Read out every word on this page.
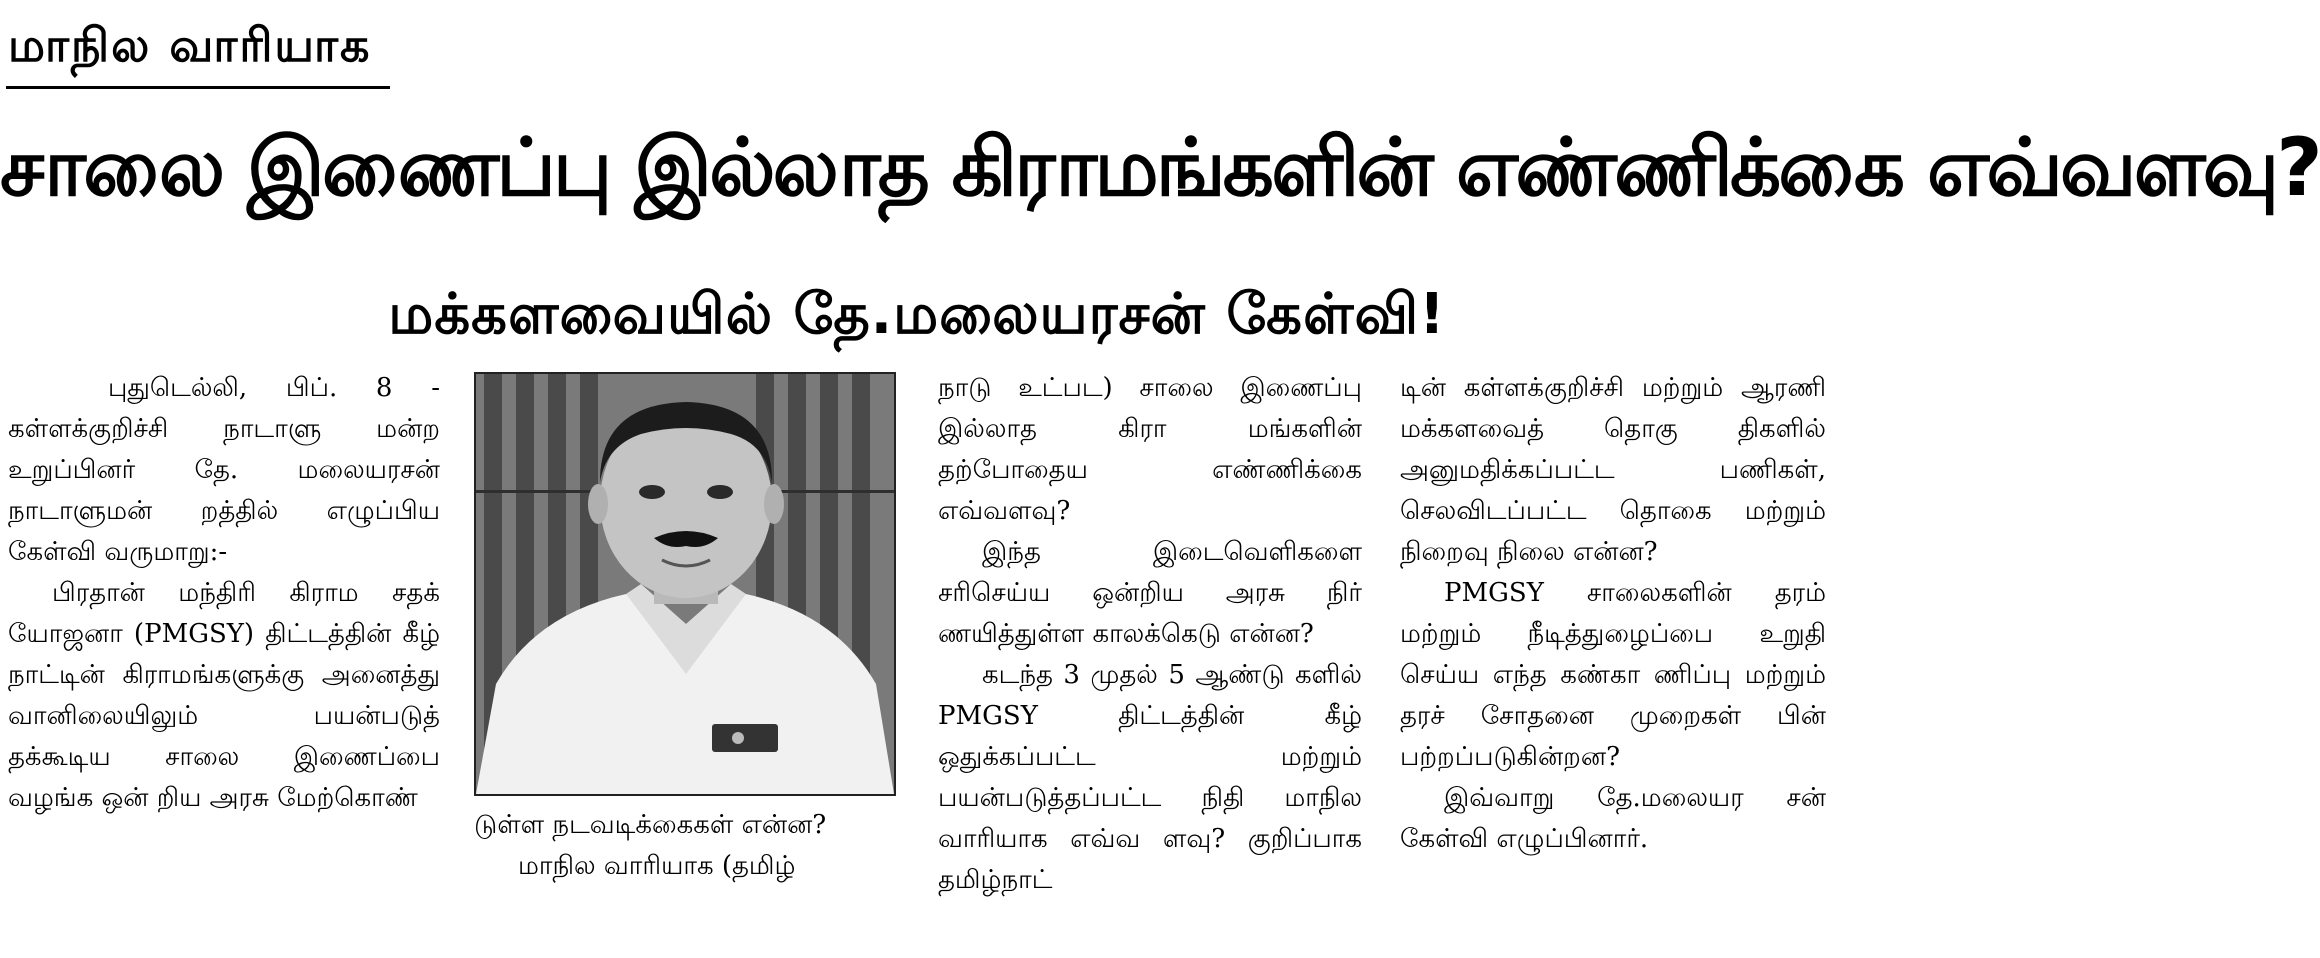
மாநில வாரியாக
சாலை இணைப்பு இல்லாத கிராமங்களின் எண்ணிக்கை எவ்வளவு?
மக்களவையில் தே.மலையரசன் கேள்வி!

புதுடெல்லி, பிப். 8 - கள்ளக்குறிச்சி நாடாளு மன்ற உறுப்பினர் தே. மலையரசன் நாடாளுமன் றத்தில் எழுப்பிய கேள்வி வருமாறு:-

பிரதான் மந்திரி கிராம சதக் யோஜனா (PMGSY) திட்டத்தின் கீழ் நாட்டின் கிராமங்களுக்கு அனைத்து வானிலையிலும் பயன்படுத் தக்கூடிய சாலை இணைப்பை வழங்க ஒன் றிய அரசு மேற்கொண்

டுள்ள நடவடிக்கைகள் என்ன?

மாநில வாரியாக (தமிழ்

நாடு உட்பட) சாலை இணைப்பு இல்லாத கிரா மங்களின் தற்போதைய எண்ணிக்கை எவ்வளவு?

இந்த இடைவெளிகளை சரிசெய்ய ஒன்றிய அரசு நிர் ணயித்துள்ள காலக்கெடு என்ன?

கடந்த 3 முதல் 5 ஆண்டு களில் PMGSY திட்டத்தின் கீழ் ஒதுக்கப்பட்ட மற்றும் பயன்படுத்தப்பட்ட நிதி மாநில வாரியாக எவ்வ ளவு? குறிப்பாக தமிழ்நாட்

டின் கள்ளக்குறிச்சி மற்றும் ஆரணி மக்களவைத் தொகு திகளில் அனுமதிக்கப்பட்ட பணிகள், செலவிடப்பட்ட தொகை மற்றும் நிறைவு நிலை என்ன?

PMGSY சாலைகளின் தரம் மற்றும் நீடித்துழைப்பை உறுதி செய்ய எந்த கண்கா ணிப்பு மற்றும் தரச் சோதனை முறைகள் பின் பற்றப்படுகின்றன?

இவ்வாறு தே.மலையர சன் கேள்வி எழுப்பினார்.
